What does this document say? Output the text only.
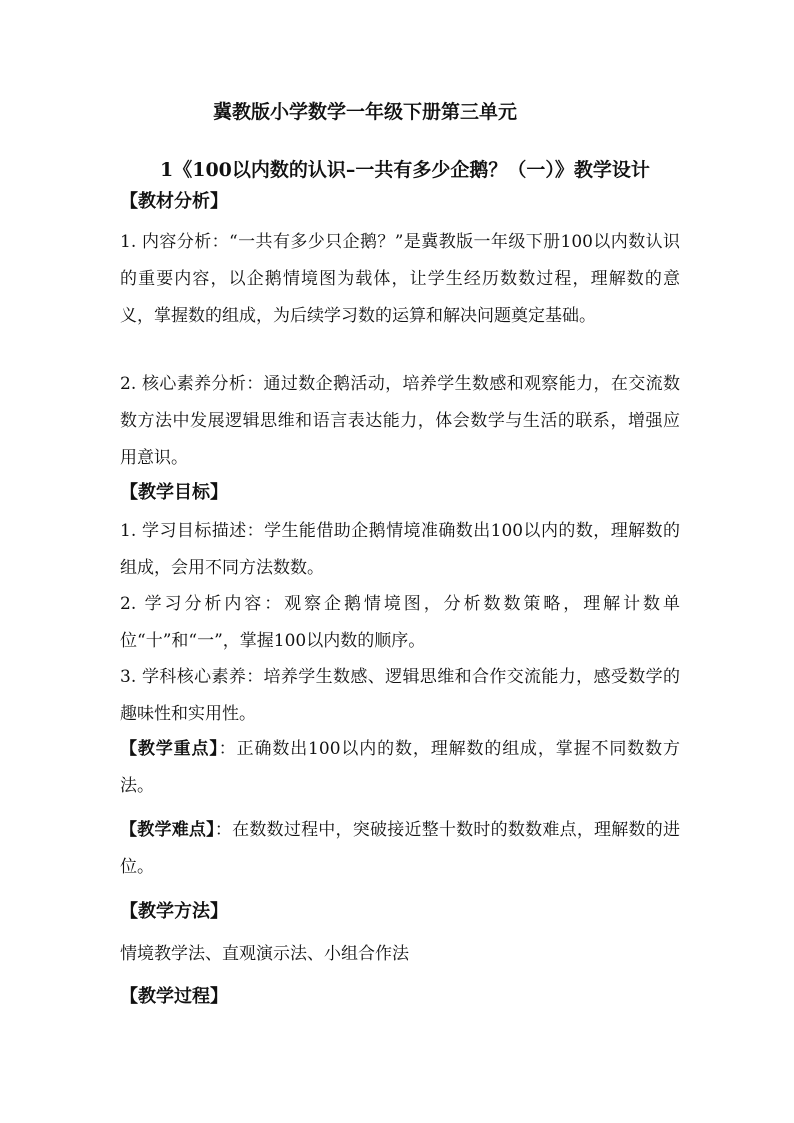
冀教版小学数学一年级下册第三单元
1《100以内数的认识–一共有多少企鹅？（一）》教学设计
【教材分析】
1. 内容分析：“一共有多少只企鹅？”是冀教版一年级下册100以内数认识的重要内容，以企鹅情境图为载体，让学生经历数数过程，理解数的意义，掌握数的组成，为后续学习数的运算和解决问题奠定基础。
2. 核心素养分析：通过数企鹅活动，培养学生数感和观察能力，在交流数数方法中发展逻辑思维和语言表达能力，体会数学与生活的联系，增强应用意识。
【教学目标】
1. 学习目标描述：学生能借助企鹅情境准确数出100以内的数，理解数的组成，会用不同方法数数。
2. 学习分析内容：观察企鹅情境图，分析数数策略，理解计数单位“十”和“一”，掌握100以内数的顺序。
3. 学科核心素养：培养学生数感、逻辑思维和合作交流能力，感受数学的趣味性和实用性。
【教学重点】：正确数出100以内的数，理解数的组成，掌握不同数数方法。
【教学难点】：在数数过程中，突破接近整十数时的数数难点，理解数的进位。
【教学方法】
情境教学法、直观演示法、小组合作法
【教学过程】
